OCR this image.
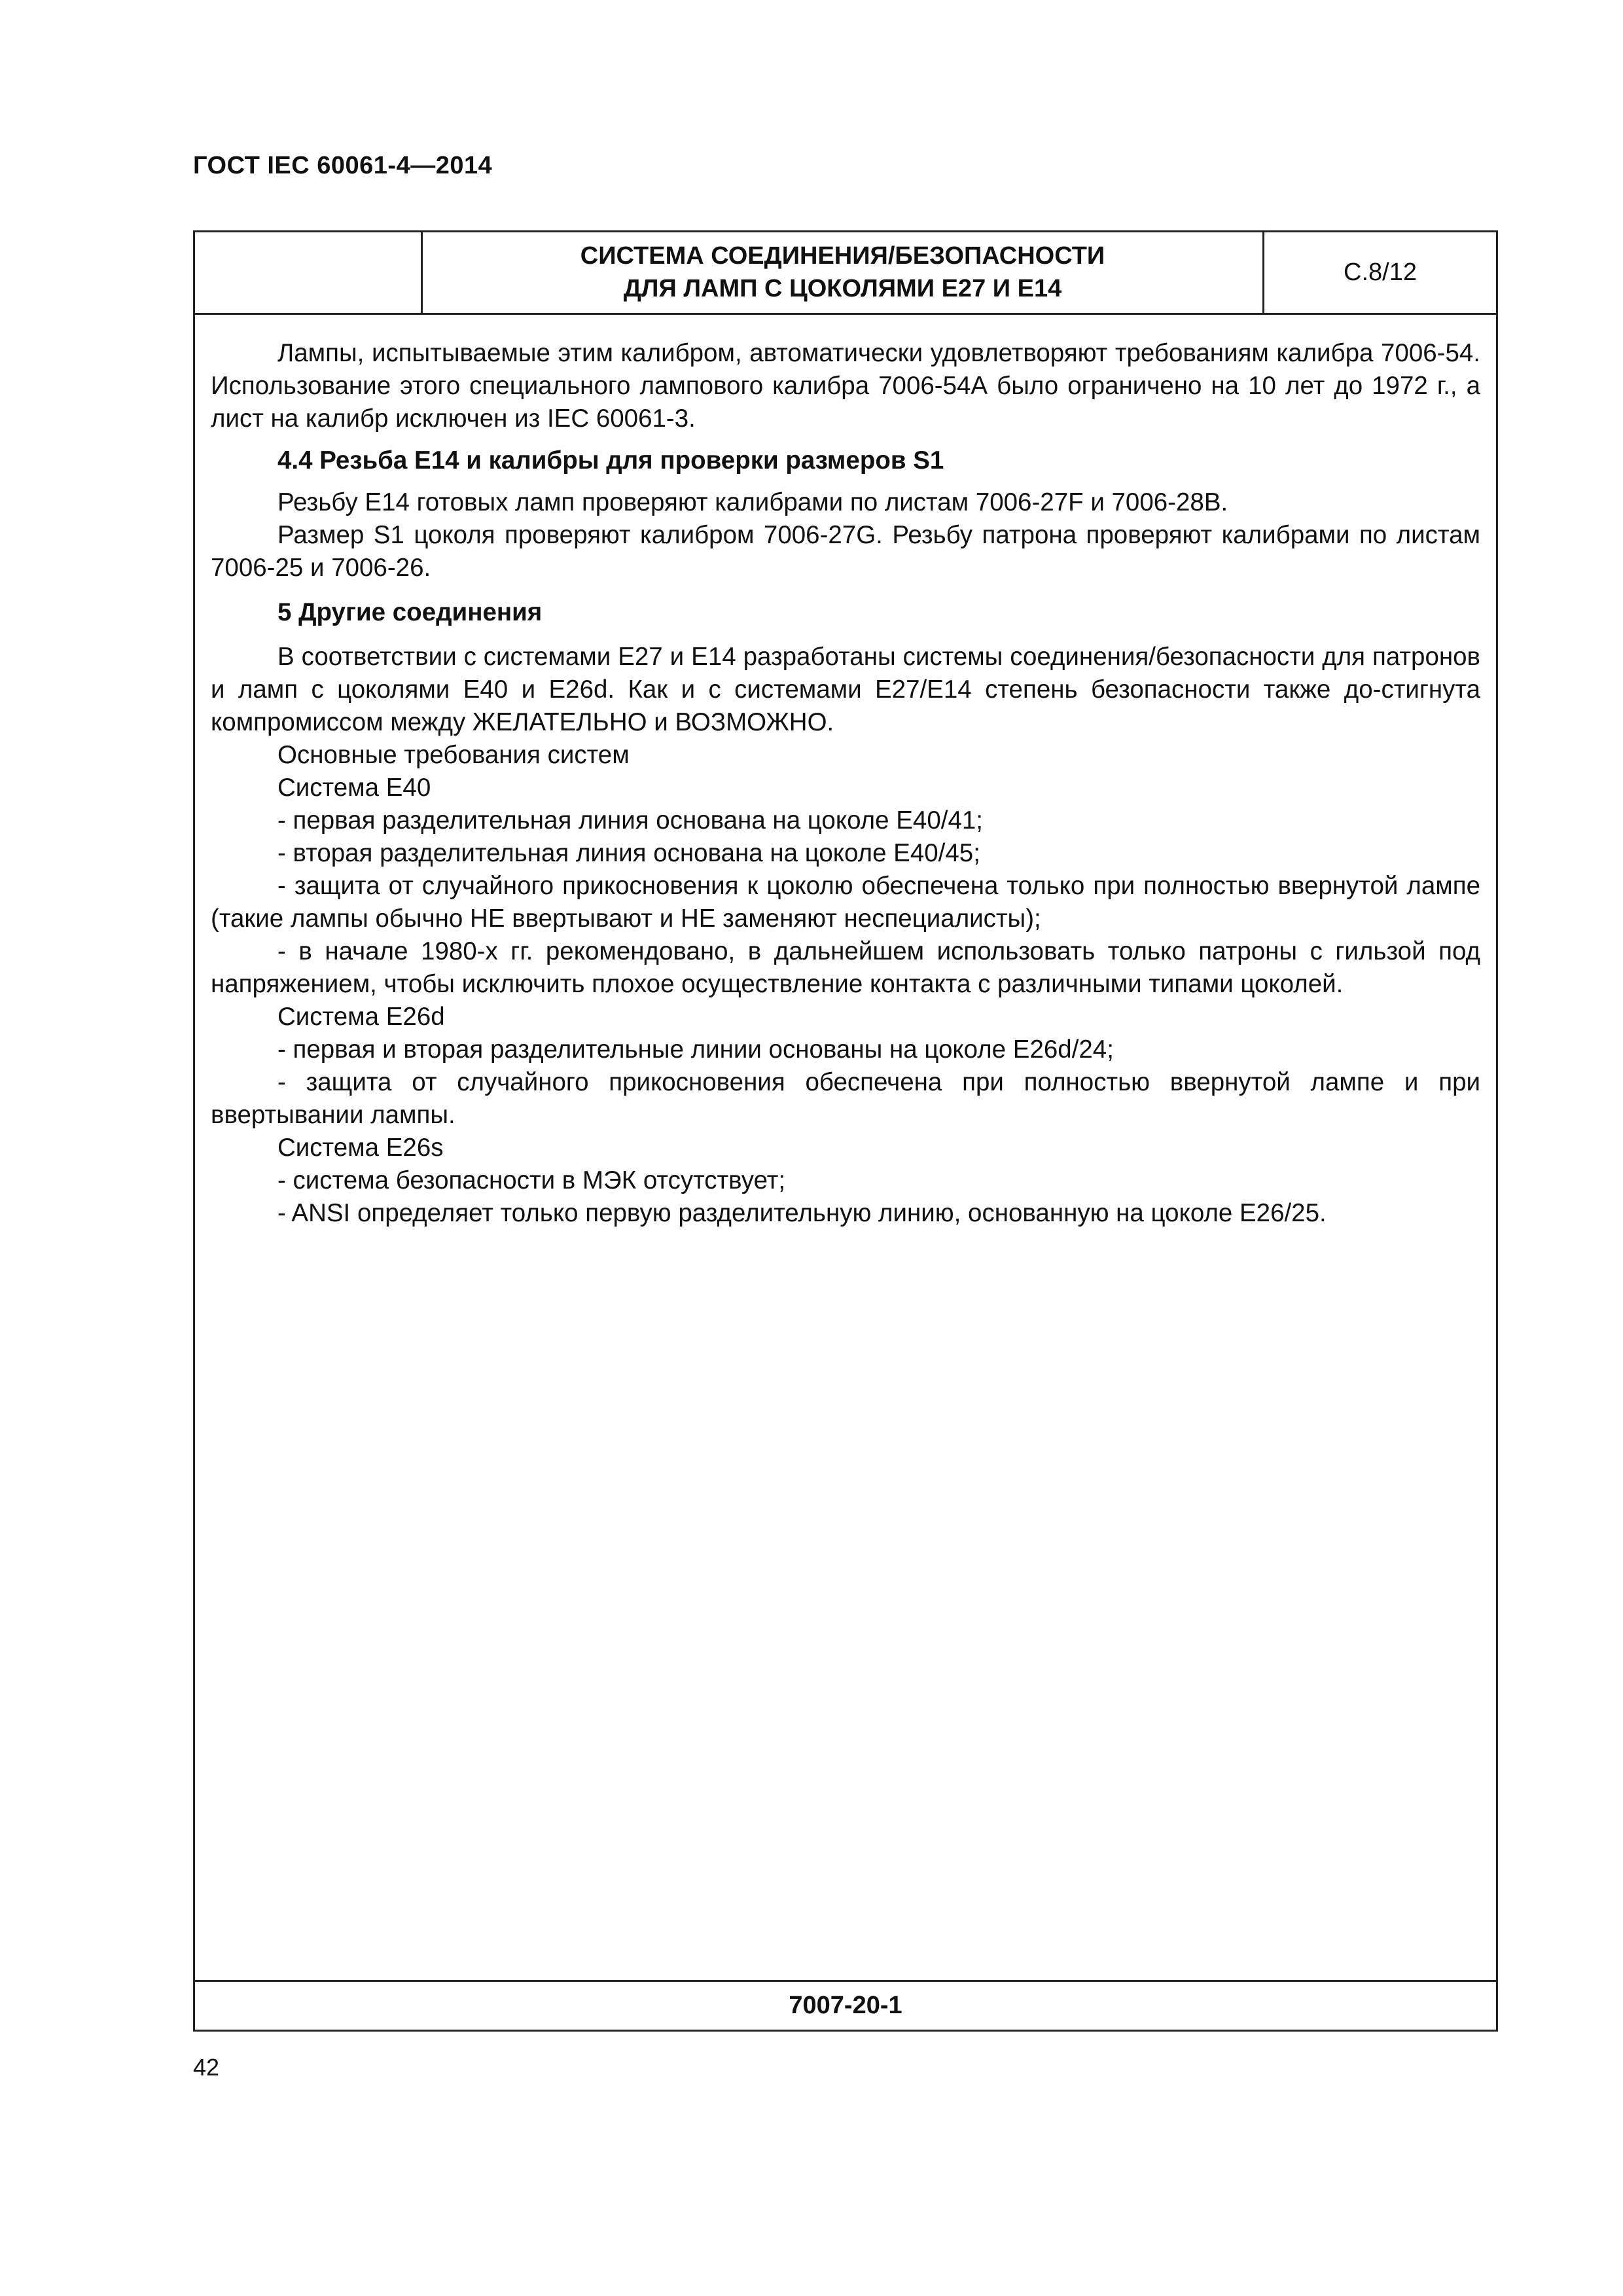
ГОСТ IEC 60061-4—2014
СИСТЕМА СОЕДИНЕНИЯ/БЕЗОПАСНОСТИ
ДЛЯ ЛАМП С ЦОКОЛЯМИ Е27 И Е14
С.8/12

Лампы, испытываемые этим калибром, автоматически удовлетворяют требованиям калибра 7006-54. Использование этого специального лампового калибра 7006-54А было ограничено на 10 лет до 1972 г., а лист на калибр исключен из IEC 60061-3.

4.4 Резьба Е14 и калибры для проверки размеров S1

Резьбу Е14 готовых ламп проверяют калибрами по листам 7006-27F и 7006-28В.

Размер S1 цоколя проверяют калибром 7006-27G. Резьбу патрона проверяют калибрами по листам 7006-25 и 7006-26.

5 Другие соединения

В соответствии с системами Е27 и Е14 разработаны системы соединения/безопасности для патронов и ламп с цоколями Е40 и Е26d. Как и с системами Е27/Е14 степень безопасности также до-стигнута компромиссом между ЖЕЛАТЕЛЬНО и ВОЗМОЖНО.

Основные требования систем

Система Е40

- первая разделительная линия основана на цоколе Е40/41;

- вторая разделительная линия основана на цоколе Е40/45;

- защита от случайного прикосновения к цоколю обеспечена только при полностью ввернутой лампе (такие лампы обычно НЕ ввертывают и НЕ заменяют неспециалисты);

- в начале 1980-х гг. рекомендовано, в дальнейшем использовать только патроны с гильзой под напряжением, чтобы исключить плохое осуществление контакта с различными типами цоколей.

Система Е26d

- первая и вторая разделительные линии основаны на цоколе Е26d/24;

- защита от случайного прикосновения обеспечена при полностью ввернутой лампе и при ввертывании лампы.

Система Е26s

- система безопасности в МЭК отсутствует;

- ANSI определяет только первую разделительную линию, основанную на цоколе Е26/25.

7007-20-1
42
